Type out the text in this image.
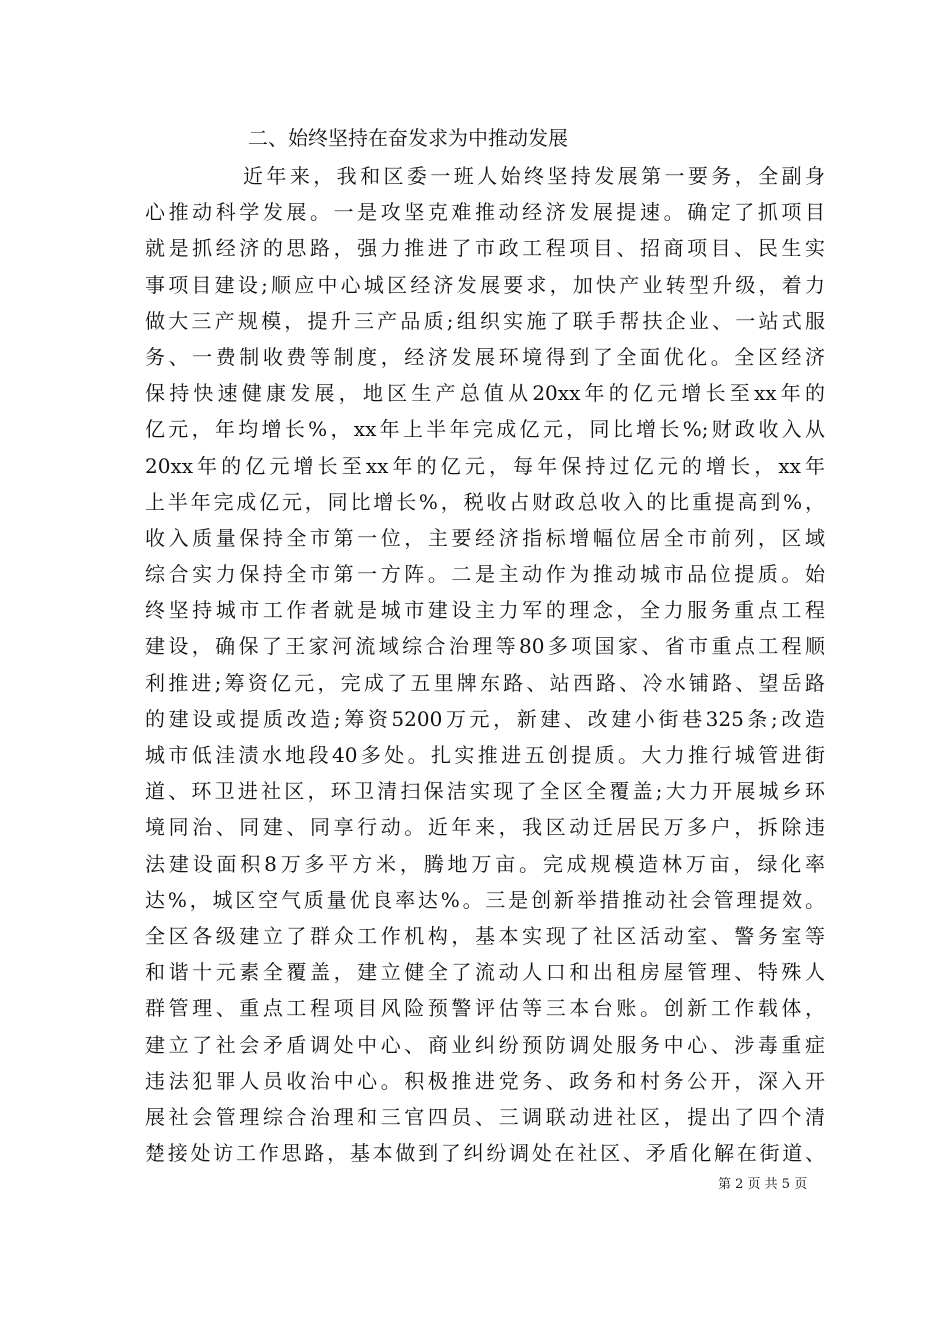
二、始终坚持在奋发求为中推动发展
近年来，我和区委一班人始终坚持发展第一要务，全副身
心推动科学发展。一是攻坚克难推动经济发展提速。确定了抓项目
就是抓经济的思路，强力推进了市政工程项目、招商项目、民生实
事项目建设;顺应中心城区经济发展要求，加快产业转型升级，着力
做大三产规模，提升三产品质;组织实施了联手帮扶企业、一站式服
务、一费制收费等制度，经济发展环境得到了全面优化。全区经济
保持快速健康发展，地区生产总值从20xx年的亿元增长至xx年的
亿元，年均增长%，xx年上半年完成亿元，同比增长%;财政收入从
20xx年的亿元增长至xx年的亿元，每年保持过亿元的增长，xx年
上半年完成亿元，同比增长%，税收占财政总收入的比重提高到%，
收入质量保持全市第一位，主要经济指标增幅位居全市前列，区域
综合实力保持全市第一方阵。二是主动作为推动城市品位提质。始
终坚持城市工作者就是城市建设主力军的理念，全力服务重点工程
建设，确保了王家河流域综合治理等80多项国家、省市重点工程顺
利推进;筹资亿元，完成了五里牌东路、站西路、冷水铺路、望岳路
的建设或提质改造;筹资5200万元，新建、改建小街巷325条;改造
城市低洼渍水地段40多处。扎实推进五创提质。大力推行城管进街
道、环卫进社区，环卫清扫保洁实现了全区全覆盖;大力开展城乡环
境同治、同建、同享行动。近年来，我区动迁居民万多户，拆除违
法建设面积8万多平方米，腾地万亩。完成规模造林万亩，绿化率
达%，城区空气质量优良率达%。三是创新举措推动社会管理提效。
全区各级建立了群众工作机构，基本实现了社区活动室、警务室等
和谐十元素全覆盖，建立健全了流动人口和出租房屋管理、特殊人
群管理、重点工程项目风险预警评估等三本台账。创新工作载体，
建立了社会矛盾调处中心、商业纠纷预防调处服务中心、涉毒重症
违法犯罪人员收治中心。积极推进党务、政务和村务公开，深入开
展社会管理综合治理和三官四员、三调联动进社区，提出了四个清
楚接处访工作思路，基本做到了纠纷调处在社区、矛盾化解在街道、
第 2 页 共 5 页
